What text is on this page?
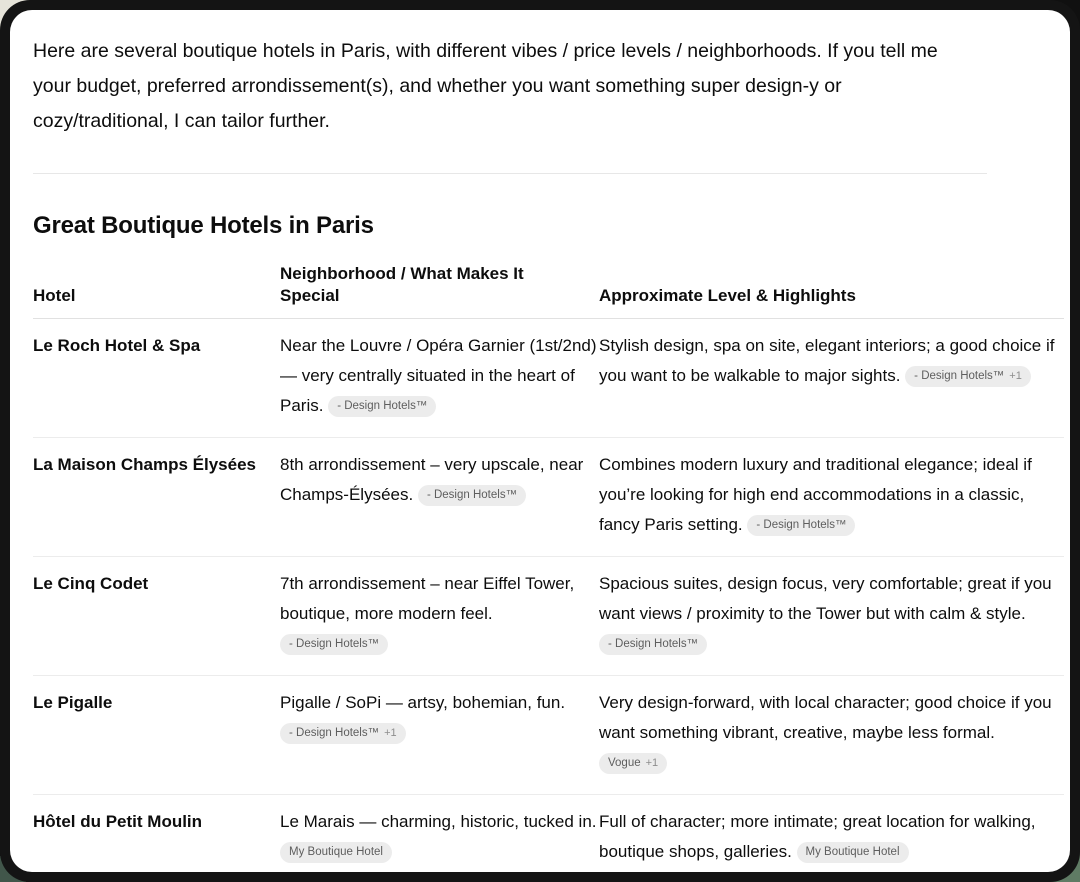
Here are several boutique hotels in Paris, with different vibes / price levels / neighborhoods. If you tell me your budget, preferred arrondissement(s), and whether you want something super design-y or cozy/traditional, I can tailor further.

Great Boutique Hotels in Paris
Hotel	Neighborhood / What Makes It Special	Approximate Level & Highlights
Le Roch Hotel & Spa	Near the Louvre / Opéra Garnier (1st/2nd) — very centrally situated in the heart of Paris. - Design Hotels™	Stylish design, spa on site, elegant interiors; a good choice if you want to be walkable to major sights. - Design Hotels™ +1
La Maison Champs Élysées	8th arrondissement – very upscale, near Champs-Élysées. - Design Hotels™	Combines modern luxury and traditional elegance; ideal if you’re looking for high end accommodations in a classic, fancy Paris setting. - Design Hotels™
Le Cinq Codet	7th arrondissement – near Eiffel Tower, boutique, more modern feel. - Design Hotels™	Spacious suites, design focus, very comfortable; great if you want views / proximity to the Tower but with calm & style. - Design Hotels™
Le Pigalle	Pigalle / SoPi — artsy, bohemian, fun. - Design Hotels™ +1	Very design-forward, with local character; good choice if you want something vibrant, creative, maybe less formal. Vogue +1
Hôtel du Petit Moulin	Le Marais — charming, historic, tucked in. My Boutique Hotel	Full of character; more intimate; great location for walking, boutique shops, galleries. My Boutique Hotel
